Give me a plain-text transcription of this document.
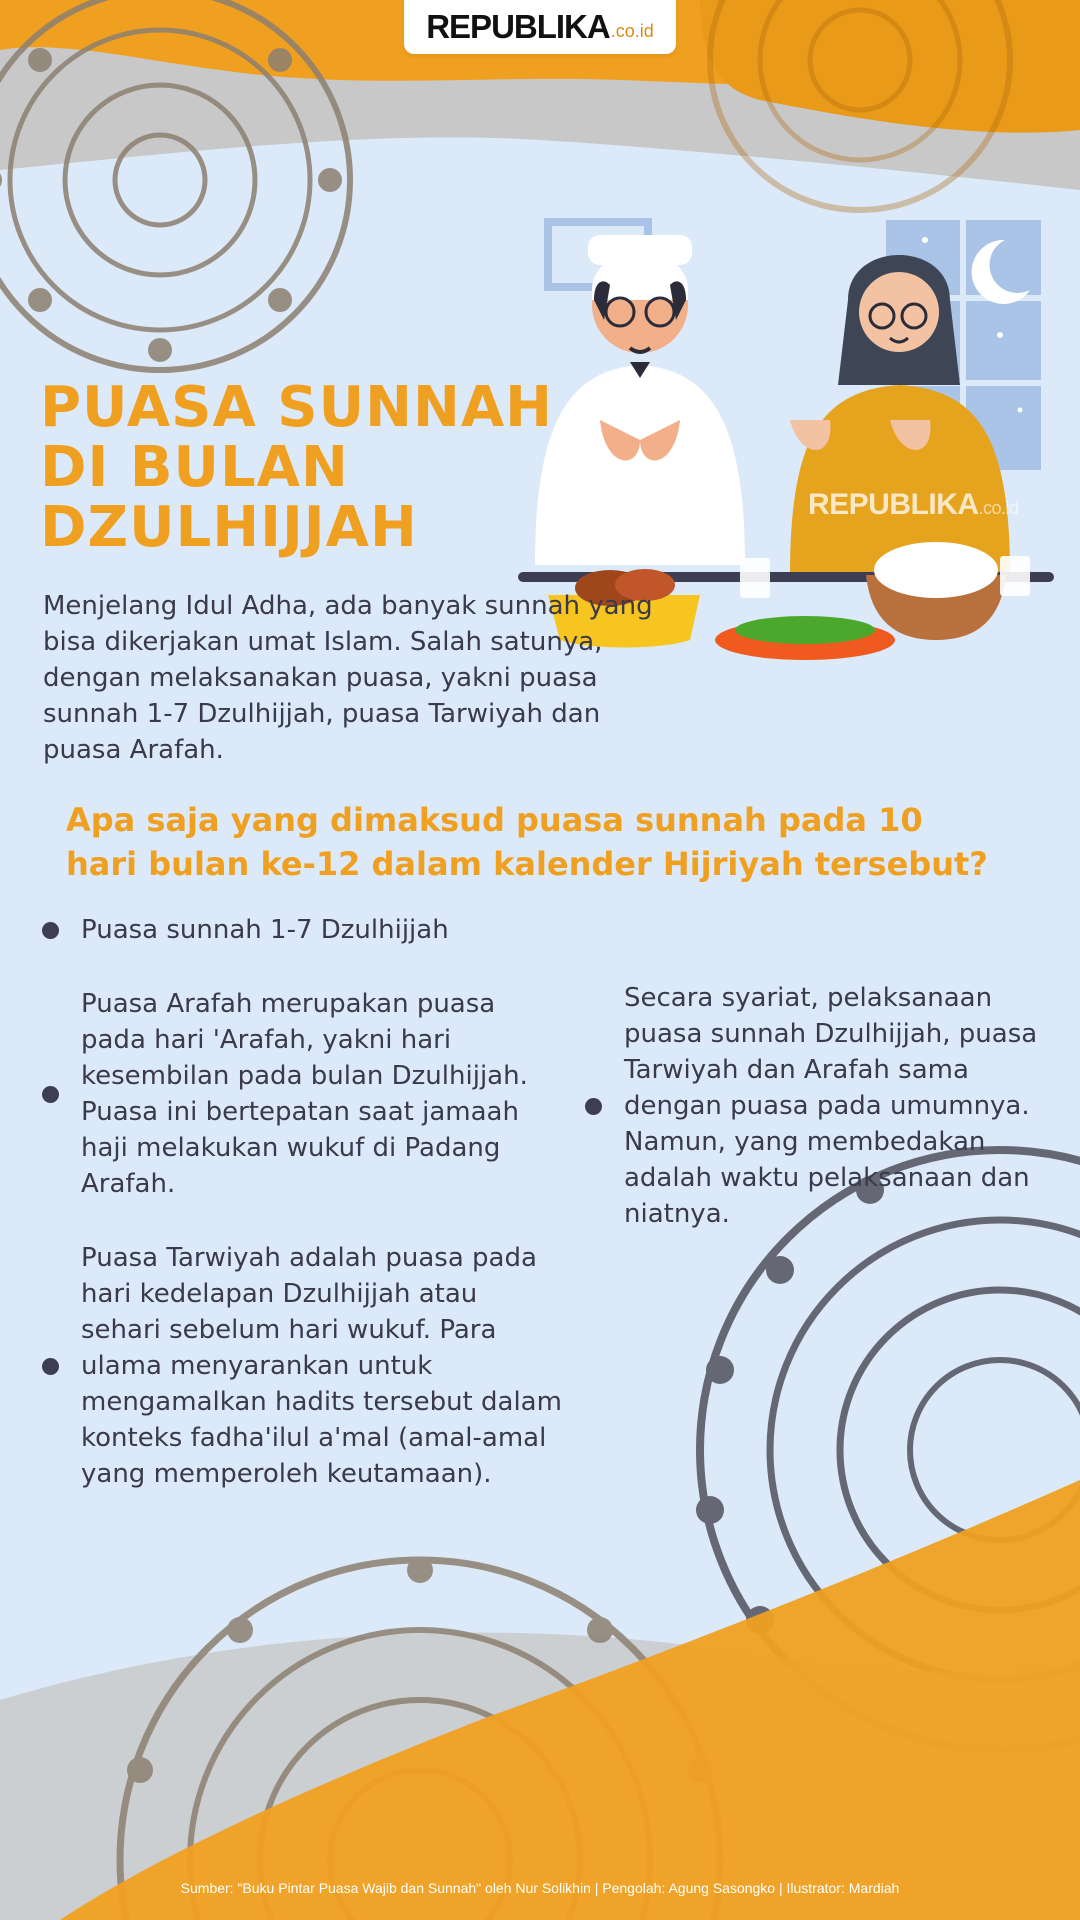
REPUBLIKA .co.id
REPUBLIKA.co.id
PUASA SUNNAH
DI BULAN
DZULHIJJAH

Menjelang Idul Adha, ada banyak sunnah yang bisa dikerjakan umat Islam. Salah satunya, dengan melaksanakan puasa, yakni puasa sunnah 1-7 Dzulhijjah, puasa Tarwiyah dan puasa Arafah.

Apa saja yang dimaksud puasa sunnah pada 10 hari bulan ke-12 dalam kalender Hijriyah tersebut?
Puasa sunnah 1-7 Dzulhijjah
Puasa Arafah merupakan puasa pada hari 'Arafah, yakni hari kesembilan pada bulan Dzulhijjah. Puasa ini bertepatan saat jamaah haji melakukan wukuf di Padang Arafah.
Puasa Tarwiyah adalah puasa pada hari kedelapan Dzulhijjah atau sehari sebelum hari wukuf. Para ulama menyarankan untuk mengamalkan hadits tersebut dalam konteks fadha'ilul a'mal (amal-amal yang memperoleh keutamaan).
Secara syariat, pelaksanaan puasa sunnah Dzulhijjah, puasa Tarwiyah dan Arafah sama dengan puasa pada umumnya. Namun, yang membedakan adalah waktu pelaksanaan dan niatnya.
Sumber: "Buku Pintar Puasa Wajib dan Sunnah" oleh Nur Solikhin | Pengolah: Agung Sasongko | Ilustrator: Mardiah
